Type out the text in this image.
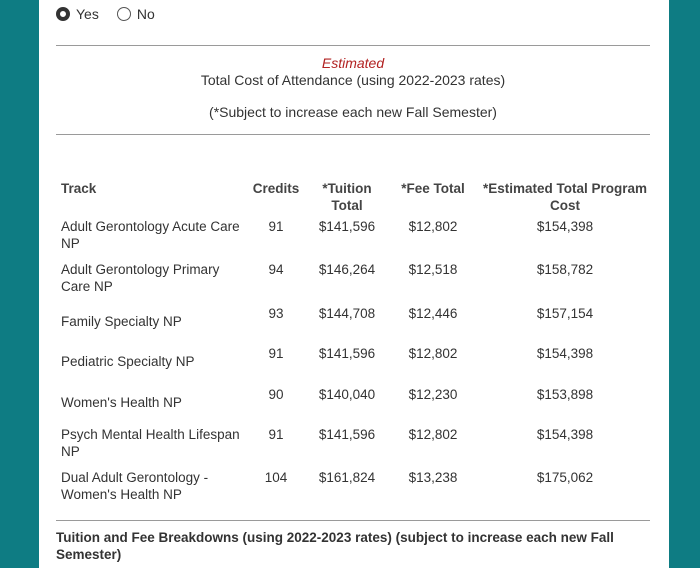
Yes	No
Estimated
Total Cost of Attendance (using 2022-2023 rates)
(*Subject to increase each new Fall Semester)
Track	Credits	*Tuition Total	*Fee Total	*Estimated Total Program Cost
Adult Gerontology Acute Care NP	91	$141,596	$12,802	$154,398
Adult Gerontology Primary Care NP	94	$146,264	$12,518	$158,782
Family Specialty NP	93	$144,708	$12,446	$157,154
Pediatric Specialty NP	91	$141,596	$12,802	$154,398
Women's Health NP	90	$140,040	$12,230	$153,898
Psych Mental Health Lifespan NP	91	$141,596	$12,802	$154,398
Dual Adult Gerontology - Women's Health NP	104	$161,824	$13,238	$175,062
Tuition and Fee Breakdowns (using 2022-2023 rates) (subject to increase each new Fall Semester)
